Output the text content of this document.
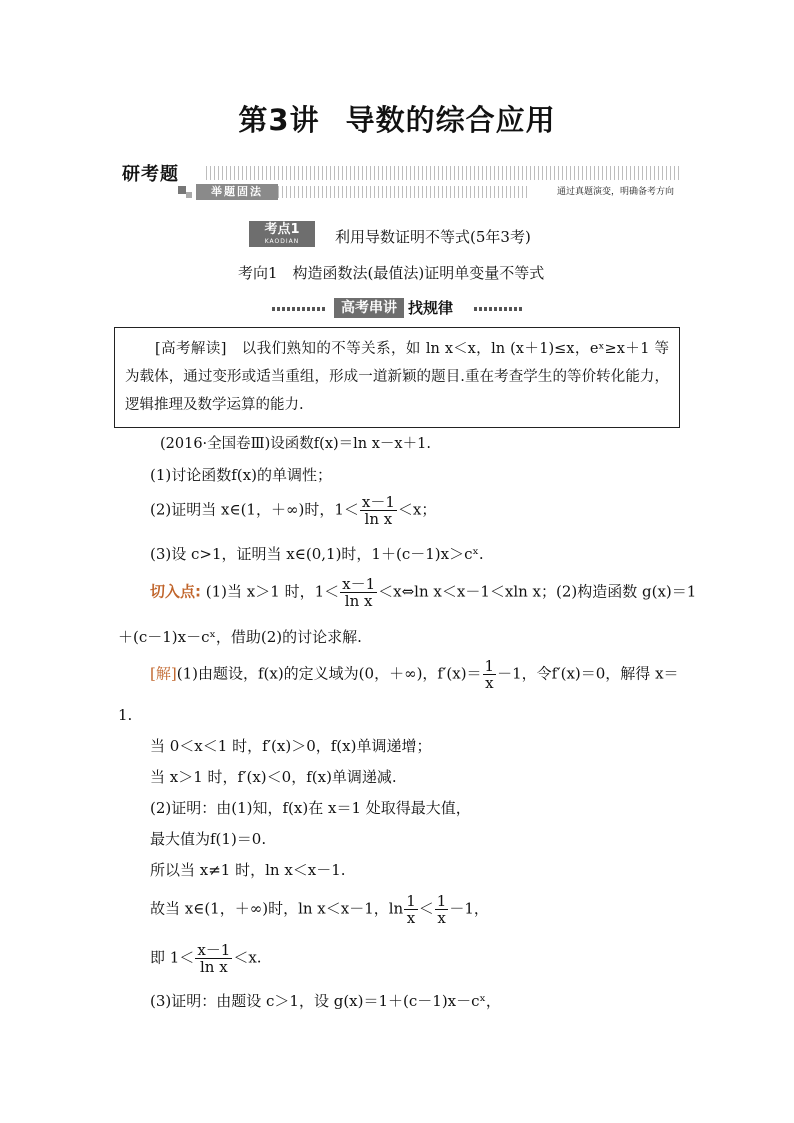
第3讲 导数的综合应用
研考题
举题固法	通过真题演变，明确备考方向
考点1
KAODIAN	利用导数证明不等式(5年3考)
考向1　构造函数法(最值法)证明单变量不等式
高考串讲 找规律
[高考解读]　以我们熟知的不等关系，如 ln x＜x，ln (x＋1)≤x，eˣ≥x＋1 等为载体，通过变形或适当重组，形成一道新颖的题目.重在考查学生的等价转化能力，逻辑推理及数学运算的能力.
(2016·全国卷Ⅲ)设函数f(x)＝ln x－x＋1.
(1)讨论函数f(x)的单调性；
(2)证明当 x∈(1，＋∞)时，$1< \frac{x-1}{\text{ln x}} <x$；
(3)设 c>1，证明当 x∈(0,1)时，1＋(c－1)x＞cˣ.
切入点: (1)当 x＞1 时，$1< \frac{x-1}{\text{ln x}}$ ＜x⇔ln x＜x－1＜xln x；(2)构造函数 g(x)＝1
＋(c－1)x－cˣ，借助(2)的讨论求解.
[解](1)由题设，f(x)的定义域为(0，＋∞)，$f'(x)= \frac{1}{x} -1$，令f′(x)＝0，解得 x＝
1.
当 0＜x＜1 时，f′(x)＞0，f(x)单调递增；
当 x＞1 时，f′(x)＜0，f(x)单调递减.
(2)证明：由(1)知，f(x)在 x＝1 处取得最大值，
最大值为f(1)＝0.
所以当 x≠1 时，ln x＜x－1.
故当 x∈(1，＋∞)时，ln x＜x－1，$\ln \frac{1}{x} < \frac{1}{x} -1$，
即 $1< \frac{x-1}{\text{ln x}} <x$.
(3)证明：由题设 c＞1，设 g(x)＝1＋(c－1)x－cˣ，
